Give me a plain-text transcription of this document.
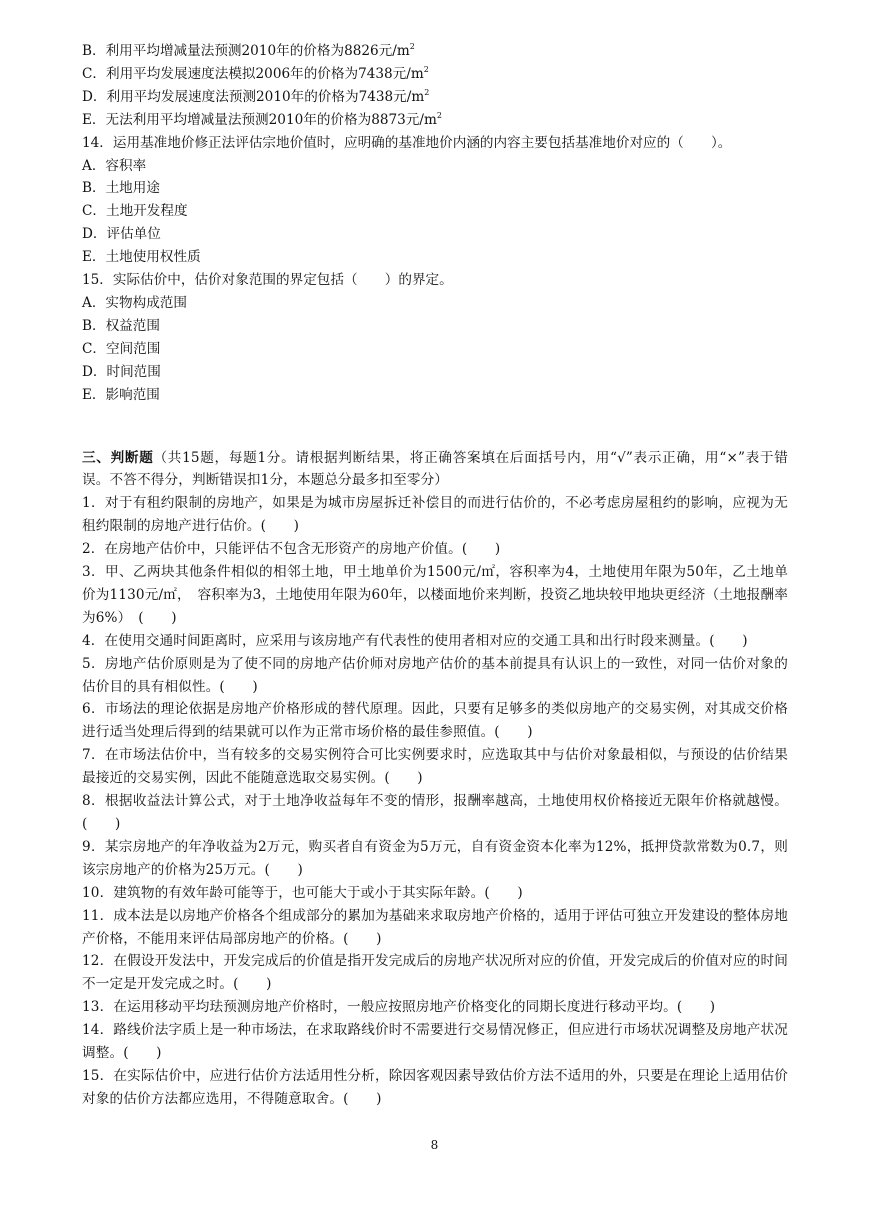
B．利用平均增减量法预测2010年的价格为8826元$/m^2$
C．利用平均发展速度法模拟2006年的价格为7438元$/m^2$
D．利用平均发展速度法预测2010年的价格为7438元$/m^2$
E．无法利用平均增减量法预测2010年的价格为8873元$/m^2$
14．运用基准地价修正法评估宗地价值时，应明确的基准地价内涵的内容主要包括基准地价对应的（　　）。
A．容积率
B．土地用途
C．土地开发程度
D．评估单位
E．土地使用权性质
15．实际估价中，估价对象范围的界定包括（　　）的界定。
A．实物构成范围
B．权益范围
C．空间范围
D．时间范围
E．影响范围
三、判断题（共15题，每题1分。请根据判断结果，将正确答案填在后面括号内，用“√”表示正确，用“×”表于错误。不答不得分，判断错误扣1分，本题总分最多扣至零分）
1．对于有租约限制的房地产，如果是为城市房屋拆迁补偿目的而进行估价的，不必考虑房屋租约的影响，应视为无租约限制的房地产进行估价。(　　)
2．在房地产估价中，只能评估不包含无形资产的房地产价值。(　　)
3．甲、乙两块其他条件相似的相邻土地，甲土地单价为1500元/㎡，容积率为4，土地使用年限为50年，乙土地单价为1130元/㎡，　容积率为3，土地使用年限为60年，以楼面地价来判断，投资乙地块较甲地块更经济（土地报酬率为6%）　(　　)
4．在使用交通时间距离时，应采用与该房地产有代表性的使用者相对应的交通工具和出行时段来测量。(　　)
5．房地产估价原则是为了使不同的房地产估价师对房地产估价的基本前提具有认识上的一致性，对同一估价对象的估价目的具有相似性。(　　)
6．市场法的理论依据是房地产价格形成的替代原理。因此，只要有足够多的类似房地产的交易实例，对其成交价格进行适当处理后得到的结果就可以作为正常市场价格的最佳参照值。(　　)
7．在市场法估价中，当有较多的交易实例符合可比实例要求时，应选取其中与估价对象最相似，与预设的估价结果最接近的交易实例，因此不能随意选取交易实例。(　　)
8．根据收益法计算公式，对于土地净收益每年不变的情形，报酬率越高，土地使用权价格接近无限年价格就越慢。(　　)
9．某宗房地产的年净收益为2万元，购买者自有资金为5万元，自有资金资本化率为12%，抵押贷款常数为0.7，则该宗房地产的价格为25万元。(　　)
10．建筑物的有效年龄可能等于，也可能大于或小于其实际年龄。(　　)
11．成本法是以房地产价格各个组成部分的累加为基础来求取房地产价格的，适用于评估可独立开发建设的整体房地产价格，不能用来评估局部房地产的价格。(　　)
12．在假设开发法中，开发完成后的价值是指开发完成后的房地产状况所对应的价值，开发完成后的价值对应的时间不一定是开发完成之时。(　　)
13．在运用移动平均珐预测房地产价格时，一般应按照房地产价格变化的同期长度进行移动平均。(　　)
14．路线价法字质上是一种市场法，在求取路线价时不需要进行交易情况修正，但应进行市场状况调整及房地产状况调整。(　　)
15．在实际估价中，应进行估价方法适用性分析，除因客观因素导致估价方法不适用的外，只要是在理论上适用估价对象的估价方法都应选用，不得随意取舍。(　　)
8
